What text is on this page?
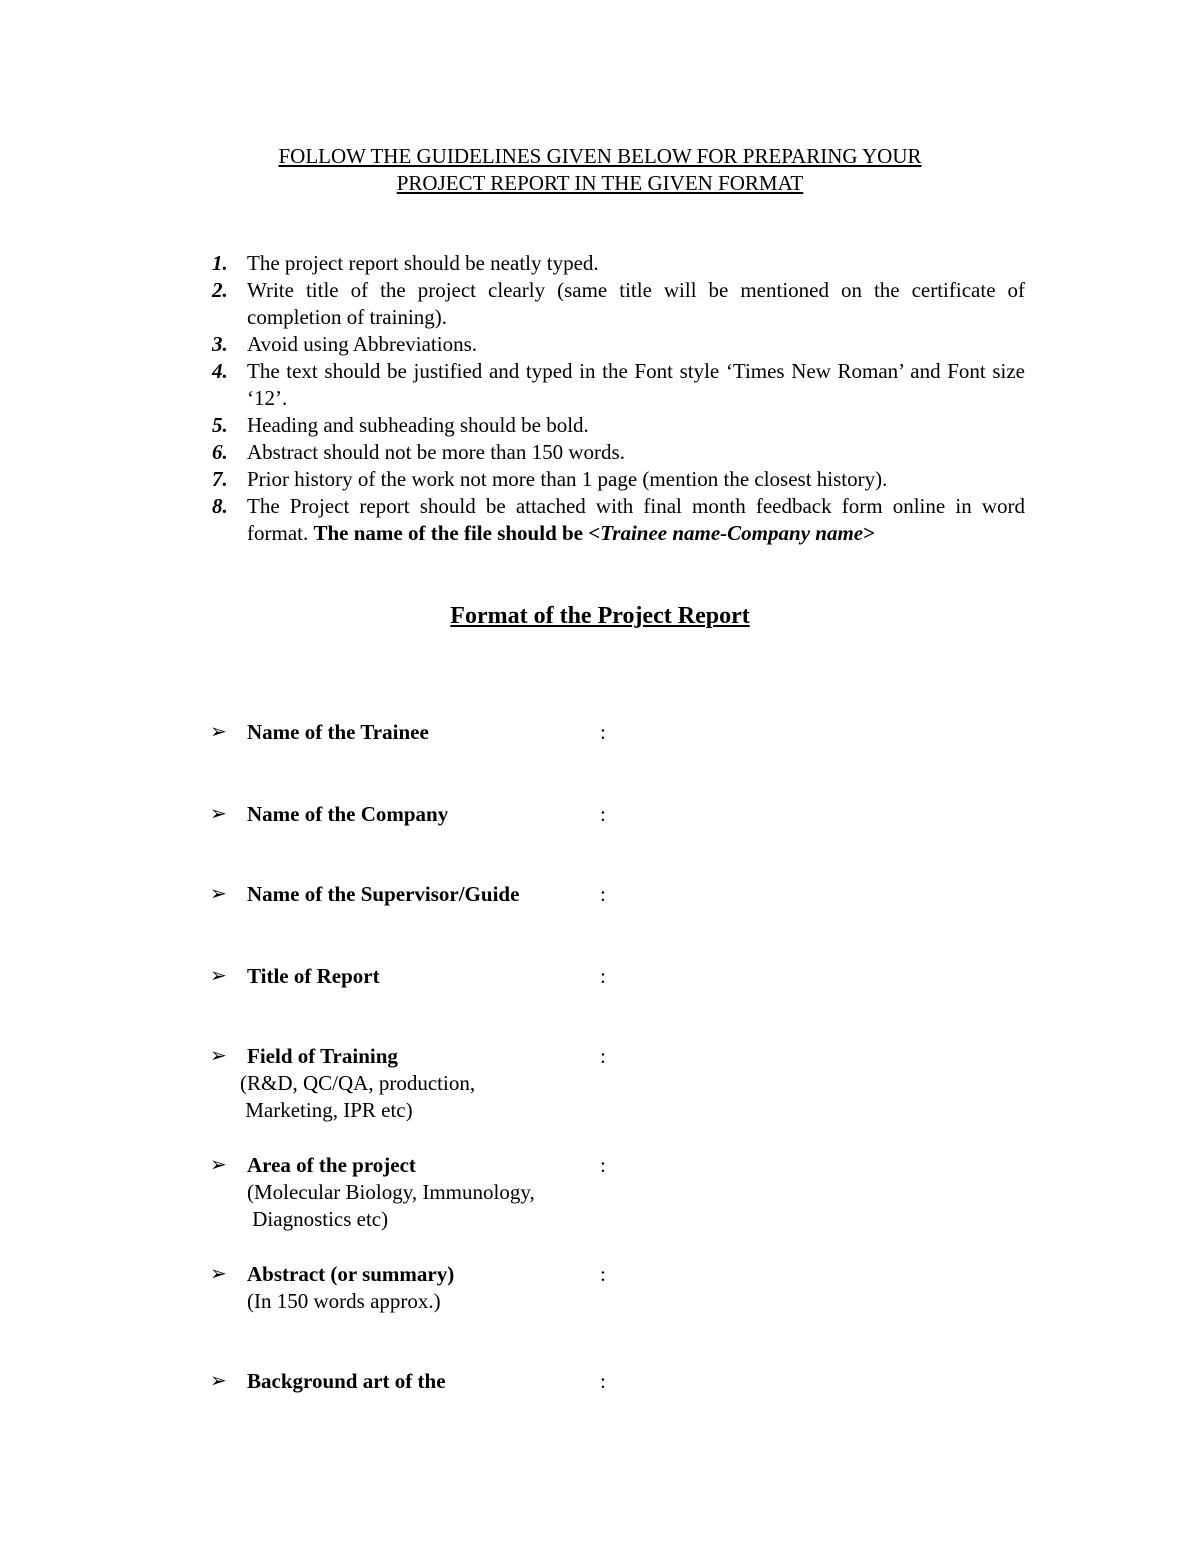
FOLLOW THE GUIDELINES GIVEN BELOW FOR PREPARING YOUR
PROJECT REPORT IN THE GIVEN FORMAT
1. The project report should be neatly typed.
2. Write title of the project clearly (same title will be mentioned on the certificate of completion of training).
3. Avoid using Abbreviations.
4. The text should be justified and typed in the Font style ‘Times New Roman’ and Font size ‘12’.
5. Heading and subheading should be bold.
6. Abstract should not be more than 150 words.
7. Prior history of the work not more than 1 page (mention the closest history).
8. The Project report should be attached with final month feedback form online in word format. The name of the file should be <Trainee name-Company name>
Format of the Project Report
➢ Name of the Trainee	:
➢ Name of the Company	:
➢ Name of the Supervisor/Guide	:
➢ Title of Report	:
➢ Field of Training	:
(R&D, QC/QA, production,
Marketing, IPR etc)
➢ Area of the project	:
(Molecular Biology, Immunology,
Diagnostics etc)
➢ Abstract (or summary)	:
(In 150 words approx.)
➢ Background art of the	:
